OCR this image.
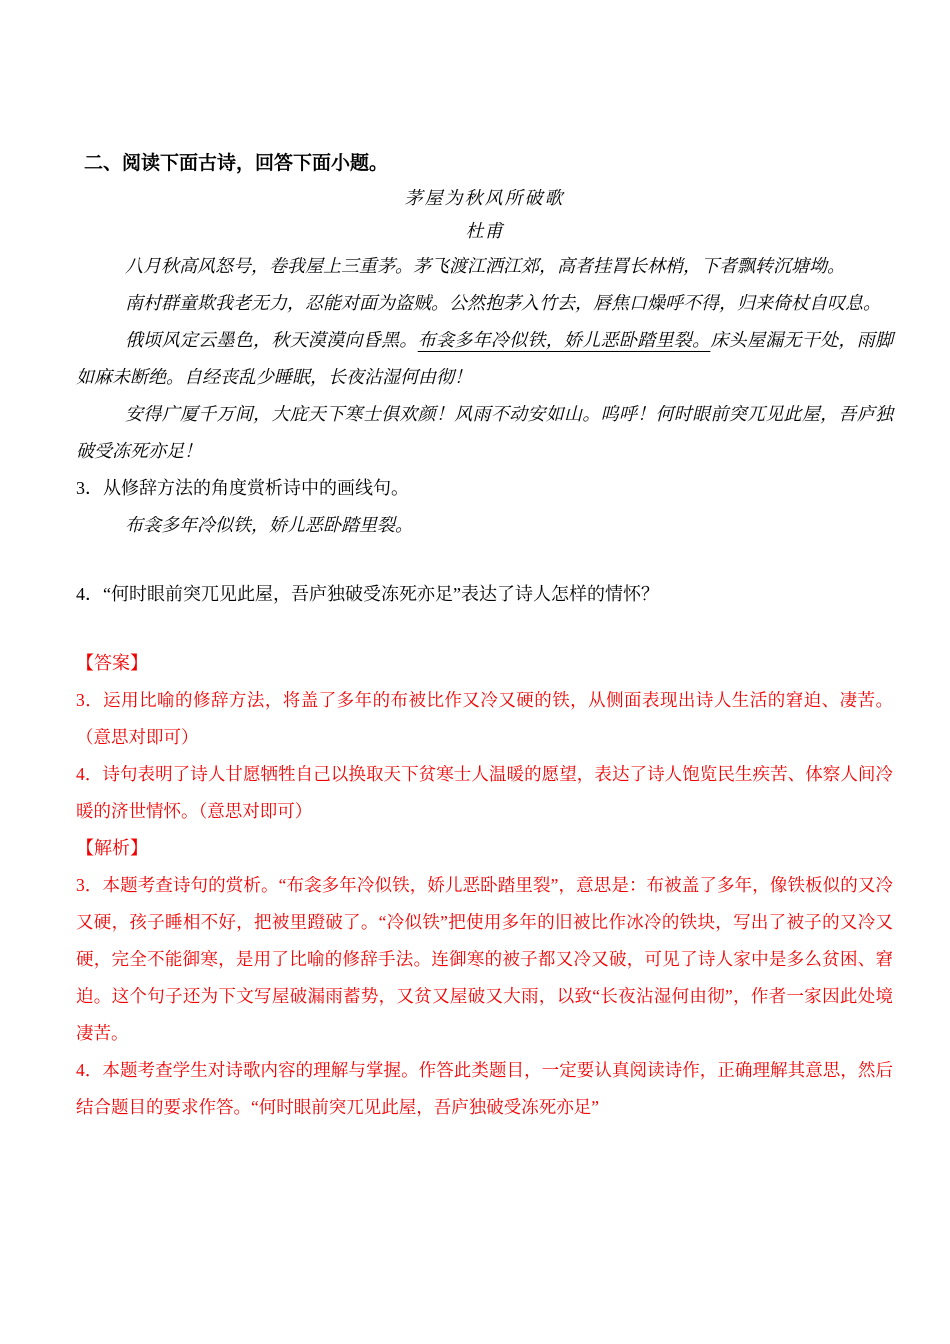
二、阅读下面古诗，回答下面小题。
茅屋为秋风所破歌
杜甫

八月秋高风怒号，卷我屋上三重茅。茅飞渡江洒江郊，高者挂罥长林梢，下者飘转沉塘坳。

南村群童欺我老无力，忍能对面为盗贼。公然抱茅入竹去，唇焦口燥呼不得，归来倚杖自叹息。

俄顷风定云墨色，秋天漠漠向昏黑。布衾多年冷似铁，娇儿恶卧踏里裂。床头屋漏无干处，雨脚如麻未断绝。自经丧乱少睡眠，长夜沾湿何由彻！

安得广厦千万间，大庇天下寒士俱欢颜！风雨不动安如山。呜呼！何时眼前突兀见此屋，吾庐独破受冻死亦足！

3．从修辞方法的角度赏析诗中的画线句。

布衾多年冷似铁，娇儿恶卧踏里裂。

4．“何时眼前突兀见此屋，吾庐独破受冻死亦足”表达了诗人怎样的情怀？

【答案】

3．运用比喻的修辞方法，将盖了多年的布被比作又冷又硬的铁，从侧面表现出诗人生活的窘迫、凄苦。（意思对即可）

4．诗句表明了诗人甘愿牺牲自己以换取天下贫寒士人温暖的愿望，表达了诗人饱览民生疾苦、体察人间冷暖的济世情怀。（意思对即可）

【解析】

3．本题考查诗句的赏析。“布衾多年冷似铁，娇儿恶卧踏里裂”，意思是：布被盖了多年，像铁板似的又冷又硬，孩子睡相不好，把被里蹬破了。“冷似铁”把使用多年的旧被比作冰冷的铁块，写出了被子的又冷又硬，完全不能御寒，是用了比喻的修辞手法。连御寒的被子都又冷又破，可见了诗人家中是多么贫困、窘迫。这个句子还为下文写屋破漏雨蓄势，又贫又屋破又大雨，以致“长夜沾湿何由彻”，作者一家因此处境凄苦。

4．本题考查学生对诗歌内容的理解与掌握。作答此类题目，一定要认真阅读诗作，正确理解其意思，然后结合题目的要求作答。“何时眼前突兀见此屋，吾庐独破受冻死亦足”
